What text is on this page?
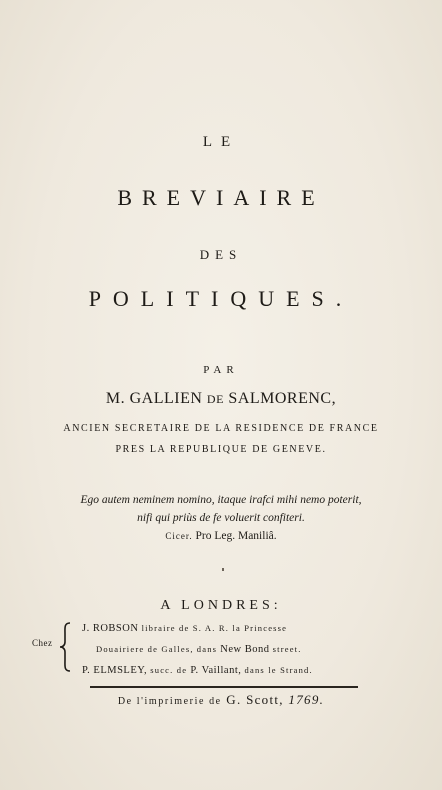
LE
BREVIAIRE
DES
POLITIQUES.
PAR
M. GALLIEN DE SALMORENC,
ANCIEN SECRETAIRE DE LA RESIDENCE DE FRANCE
PRES LA REPUBLIQUE DE GENEVE.
Ego autem neminem nomino, itaque irafci mihi nemo poterit,
nifi qui priùs de fe voluerit confiteri.
Cicer. Pro Leg. Maniliâ.
A LONDRES:
Chez
J. ROBSON libraire de S. A. R. la Princesse
Douairiere de Galles, dans New Bond street.
P. ELMSLEY, succ. de P. Vaillant, dans le Strand.
De l'imprimerie de G. Scott, 1769.
